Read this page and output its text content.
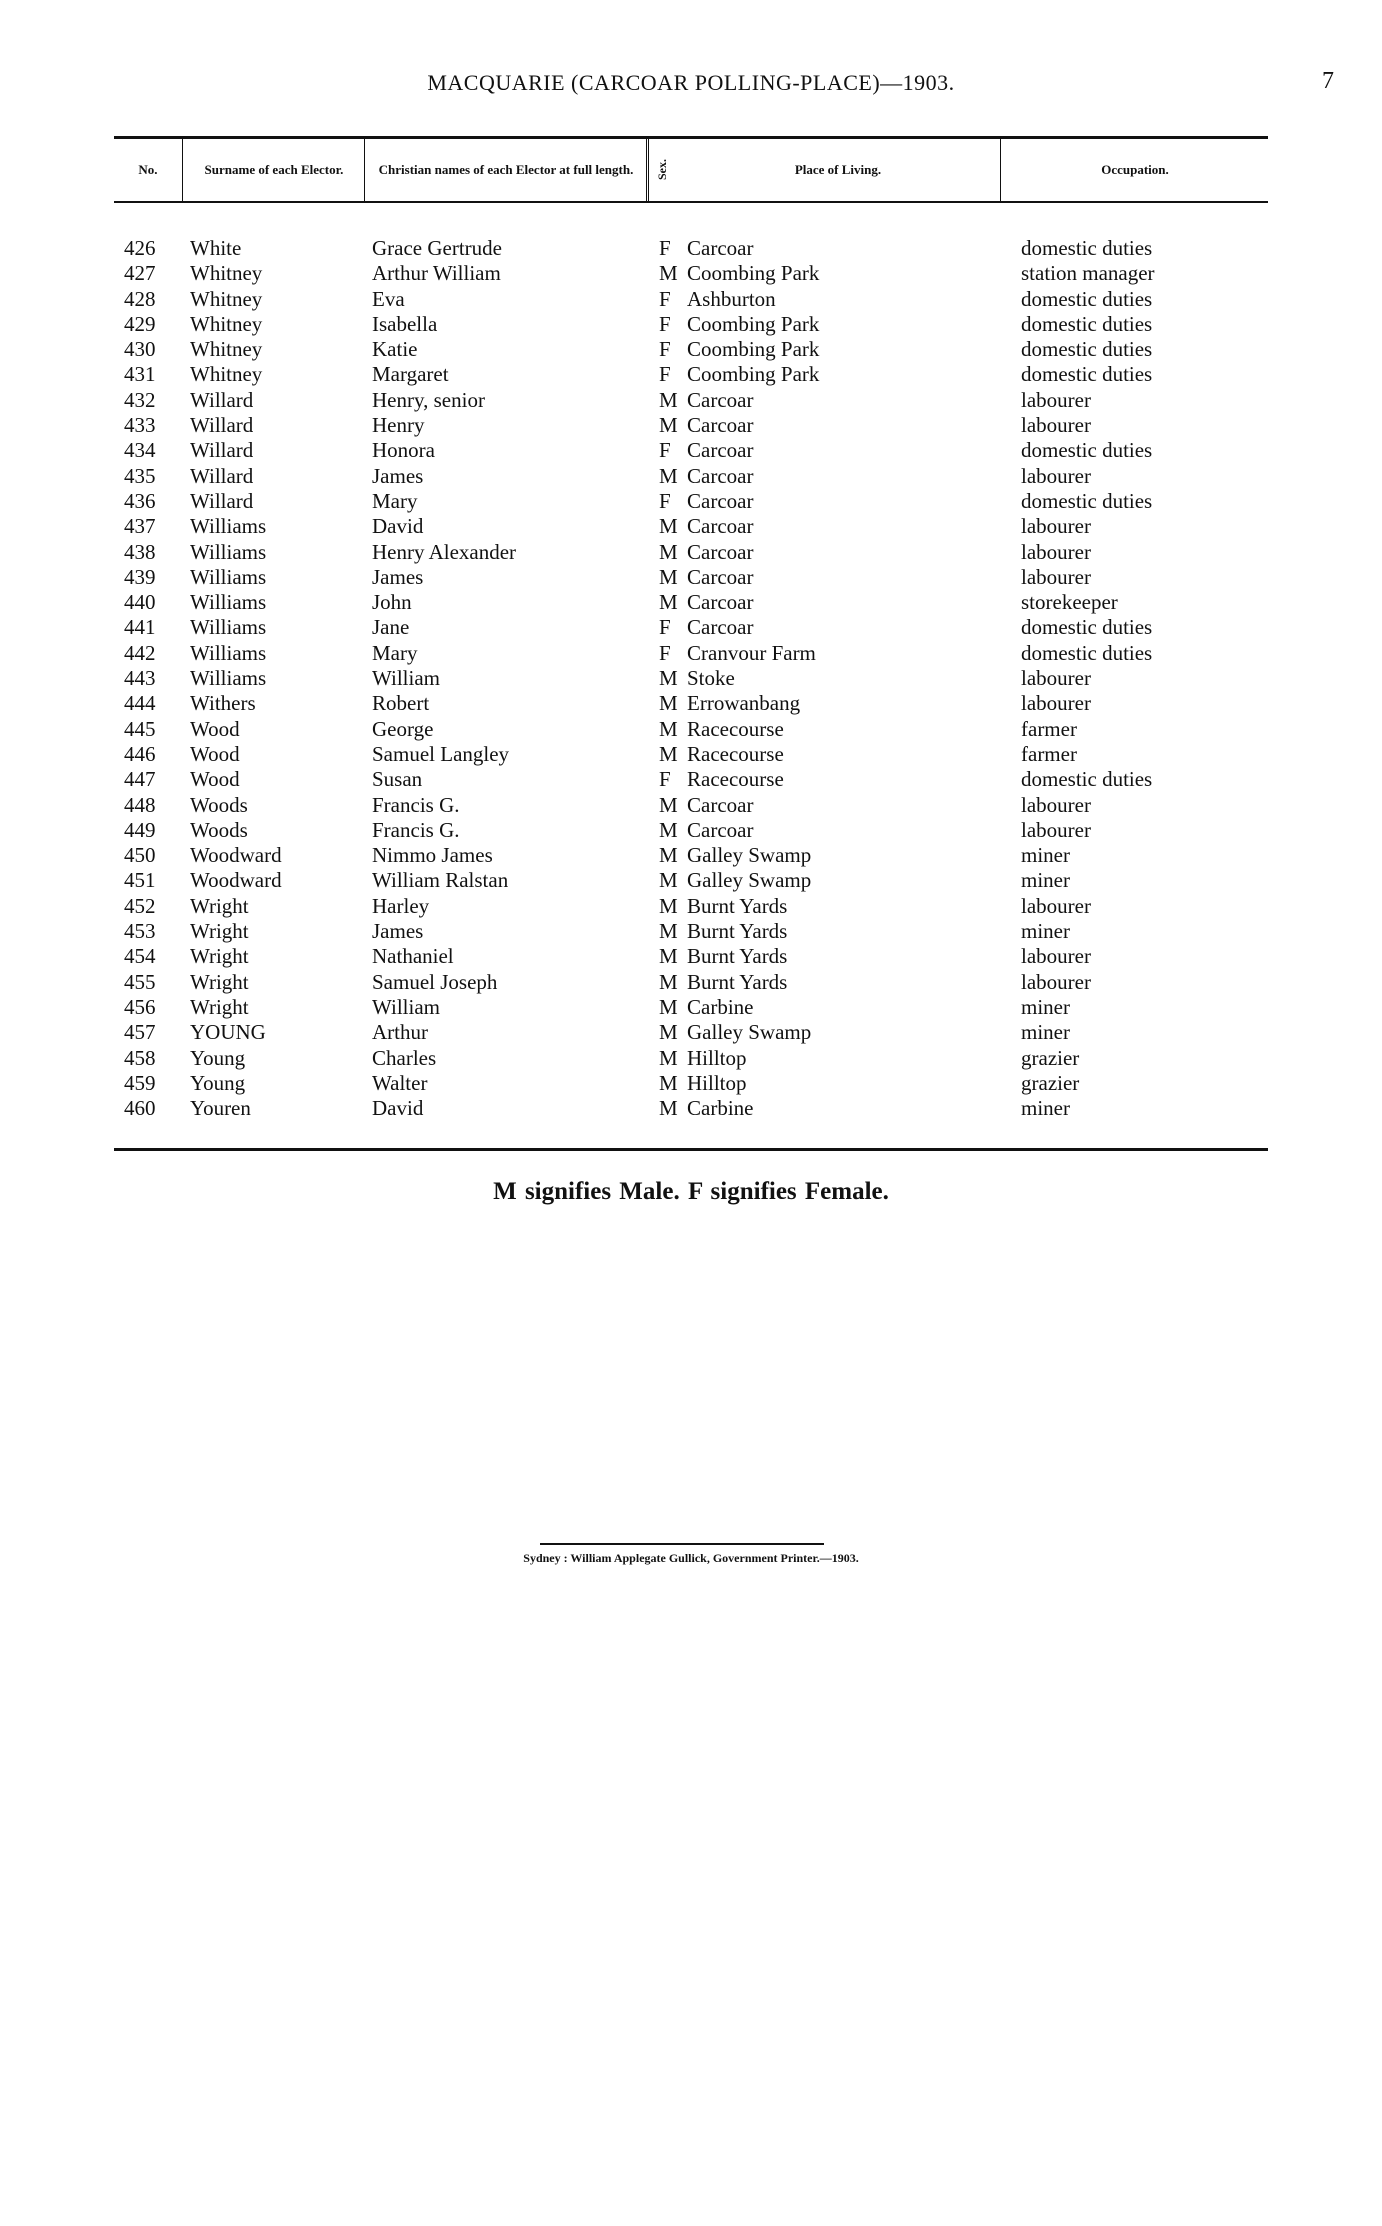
MACQUARIE (CARCOAR POLLING-PLACE)—1903.	7
No.	Surname of each Elector.	Christian names of each Elector at full length.	Sex.	Place of Living.	Occupation.
426 White	Grace Gertrude	F Carcoar	domestic duties
427 Whitney	Arthur William	M Coombing Park	station manager
428 Whitney	Eva	F Ashburton	domestic duties
429 Whitney	Isabella	F Coombing Park	domestic duties
430 Whitney	Katie	F Coombing Park	domestic duties
431 Whitney	Margaret	F Coombing Park	domestic duties
432 Willard	Henry, senior	M Carcoar	labourer
433 Willard	Henry	M Carcoar	labourer
434 Willard	Honora	F Carcoar	domestic duties
435 Willard	James	M Carcoar	labourer
436 Willard	Mary	F Carcoar	domestic duties
437 Williams	David	M Carcoar	labourer
438 Williams	Henry Alexander	M Carcoar	labourer
439 Williams	James	M Carcoar	labourer
440 Williams	John	M Carcoar	storekeeper
441 Williams	Jane	F Carcoar	domestic duties
442 Williams	Mary	F Cranvour Farm	domestic duties
443 Williams	William	M Stoke	labourer
444 Withers	Robert	M Errowanbang	labourer
445 Wood	George	M Racecourse	farmer
446 Wood	Samuel Langley	M Racecourse	farmer
447 Wood	Susan	F Racecourse	domestic duties
448 Woods	Francis G.	M Carcoar	labourer
449 Woods	Francis G.	M Carcoar	labourer
450 Woodward	Nimmo James	M Galley Swamp	miner
451 Woodward	William Ralstan	M Galley Swamp	miner
452 Wright	Harley	M Burnt Yards	labourer
453 Wright	James	M Burnt Yards	miner
454 Wright	Nathaniel	M Burnt Yards	labourer
455 Wright	Samuel Joseph	M Burnt Yards	labourer
456 Wright	William	M Carbine	miner
457 YOUNG	Arthur	M Galley Swamp	miner
458 Young	Charles	M Hilltop	grazier
459 Young	Walter	M Hilltop	grazier
460 Youren	David	M Carbine	miner
M signifies Male. F signifies Female.
Sydney : William Applegate Gullick, Government Printer.—1903.
